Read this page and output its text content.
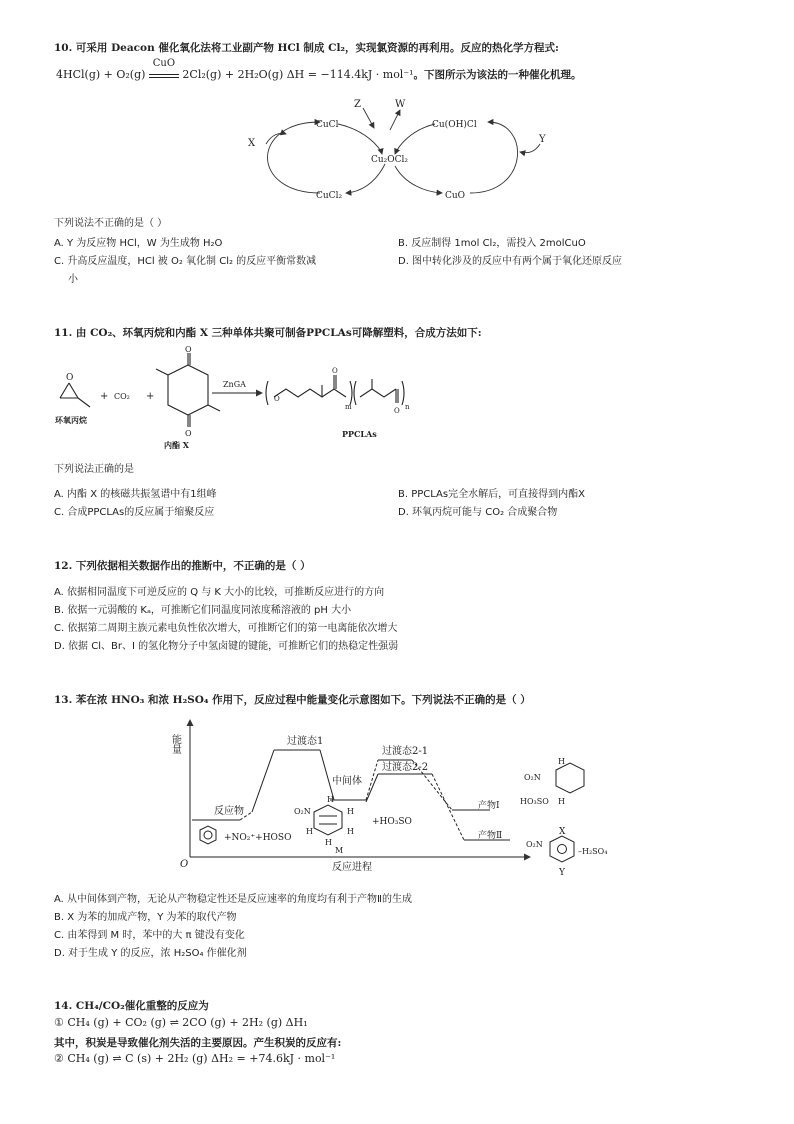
10. 可采用 Deacon 催化氧化法将工业副产物 HCl 制成 Cl₂，实现氯资源的再利用。反应的热化学方程式:
4HCl(g) + O₂(g)
CuO
2Cl₂(g) + 2H₂O(g) ΔH = −114.4kJ · mol⁻¹。下图所示为该法的一种催化机理。
CuCl	Cu(OH)Cl
Cu₂OCl₂
CuCl₂	CuO
X	Y
Z	W
下列说法不正确的是（ ）
A. Y 为反应物 HCl，W 为生成物 H₂O	B. 反应制得 1mol Cl₂，需投入 2molCuO
C. 升高反应温度，HCl 被 O₂ 氧化制 Cl₂ 的反应平衡常数减	D. 图中转化涉及的反应中有两个属于氧化还原反应
小
11. 由 CO₂、环氧丙烷和内酯 X 三种单体共聚可制备PPCLAs可降解塑料，合成方法如下:
O
环氧丙烷
+ CO₂ +
O
O
内酯 X
ZnGA
O
O
m	O n
PPCLAs
下列说法正确的是
A. 内酯 X 的核磁共振氢谱中有1组峰	B. PPCLAs完全水解后，可直接得到内酯X
C. 合成PPCLAs的反应属于缩聚反应	D. 环氧丙烷可能与 CO₂ 合成聚合物
12. 下列依据相关数据作出的推断中，不正确的是（ ）
A. 依据相同温度下可逆反应的 Q 与 K 大小的比较，可推断反应进行的方向
B. 依据一元弱酸的 Kₐ，可推断它们同温度同浓度稀溶液的 pH 大小
C. 依据第二周期主族元素电负性依次增大，可推断它们的第一电离能依次增大
D. 依据 Cl、Br、I 的氢化物分子中氢卤键的键能，可推断它们的热稳定性强弱
13. 苯在浓 HNO₃ 和浓 H₂SO₄ 作用下，反应过程中能量变化示意图如下。下列说法不正确的是（ ）
能量
反应进程
O
过渡态1
过渡态2-1
过渡态2-2
中间体
反应物	产物Ⅰ
产物Ⅱ
+NO₂⁺+HOSO
H
O₂N	H
H	H
H
M
+HO₃SO
O₂N
H
HO₃SO H
O₂N
X
–H₂SO₄
Y
A. 从中间体到产物，无论从产物稳定性还是反应速率的角度均有利于产物Ⅱ的生成
B. X 为苯的加成产物，Y 为苯的取代产物
C. 由苯得到 M 时，苯中的大 π 键没有变化
D. 对于生成 Y 的反应，浓 H₂SO₄ 作催化剂
14. CH₄/CO₂催化重整的反应为
① CH₄ (g) + CO₂ (g) ⇌ 2CO (g) + 2H₂ (g) ΔH₁
其中，积炭是导致催化剂失活的主要原因。产生积炭的反应有:
② CH₄ (g) ⇌ C (s) + 2H₂ (g) ΔH₂ = +74.6kJ · mol⁻¹
